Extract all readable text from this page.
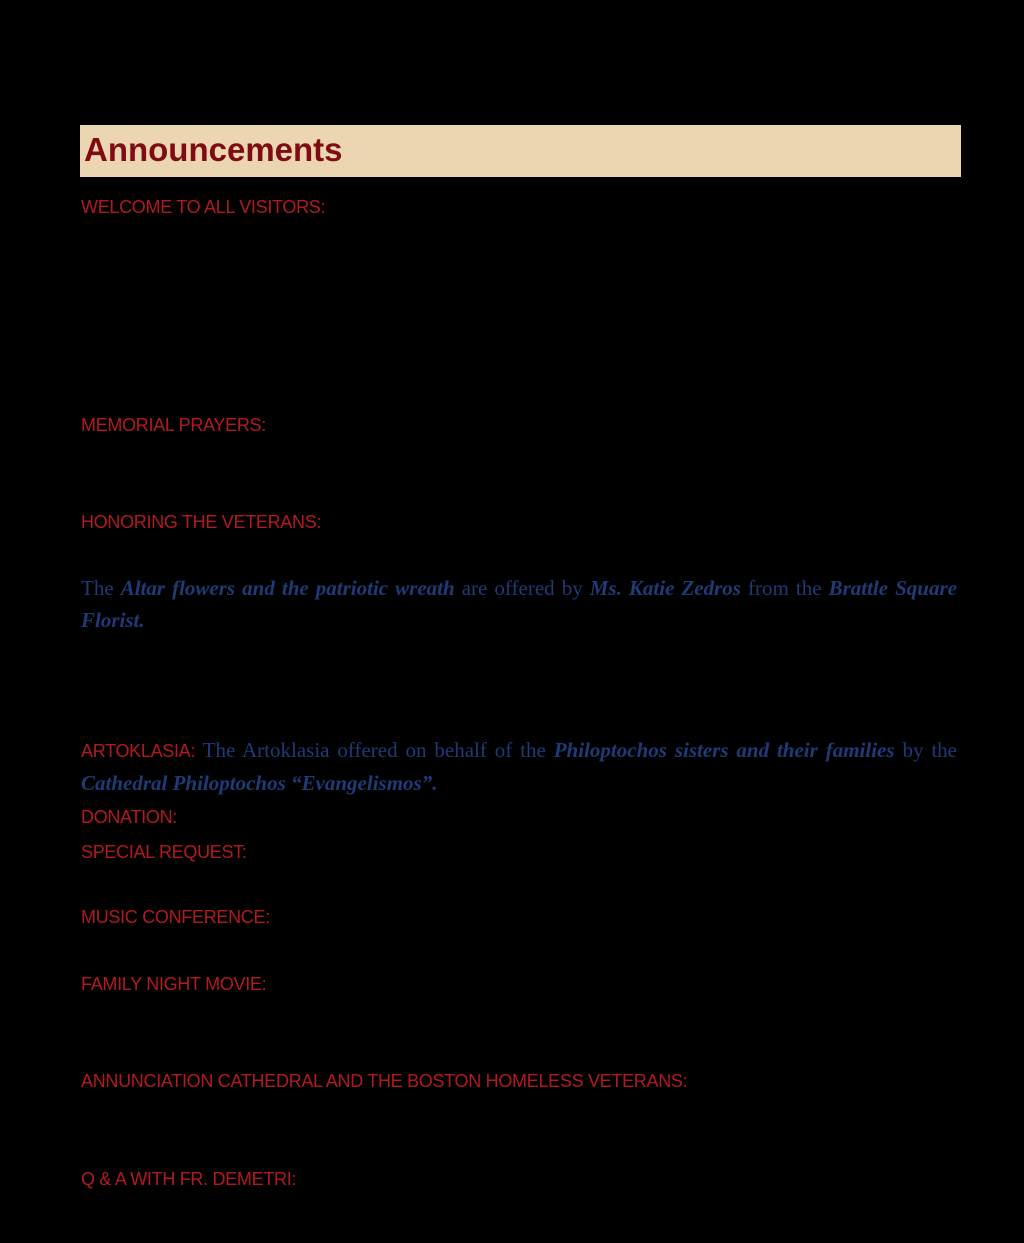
Announcements
WELCOME TO ALL VISITORS:
MEMORIAL PRAYERS:
HONORING THE VETERANS:
The Altar flowers and the patriotic wreath are offered by Ms. Katie Zedros from the Brattle Square Florist.
ARTOKLASIA: The Artoklasia offered on behalf of the Philoptochos sisters and their families by the Cathedral Philoptochos “Evangelismos”.
DONATION:
SPECIAL REQUEST:
MUSIC CONFERENCE:
FAMILY NIGHT MOVIE:
ANNUNCIATION CATHEDRAL AND THE BOSTON HOMELESS VETERANS:
Q & A WITH FR. DEMETRI:
